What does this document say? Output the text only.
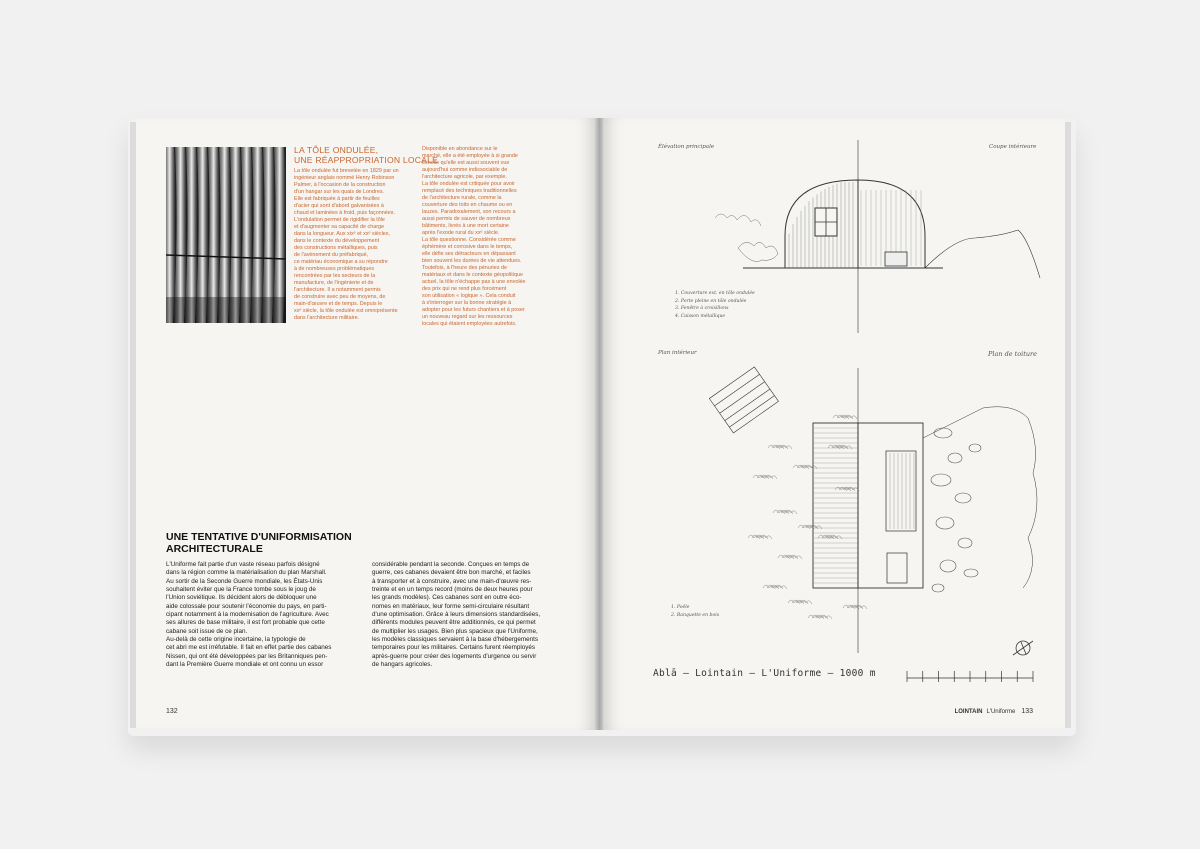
LA TÔLE ONDULÉE,
UNE RÉAPPROPRIATION LOCALE
La tôle ondulée fut brevetée en 1829 par un
ingénieur anglais nommé Henry Robinson
Palmer, à l'occasion de la construction
d'un hangar sur les quais de Londres.
Elle est fabriquée à partir de feuilles
d'acier qui sont d'abord galvanisées à
chaud et laminées à froid, puis façonnées.
L'ondulation permet de rigidifier la tôle
et d'augmenter sa capacité de charge
dans la longueur. Aux xixᵉ et xxᵉ siècles,
dans le contexte du développement
des constructions métalliques, puis
de l'avènement du préfabriqué,
ce matériau économique a su répondre
à de nombreuses problématiques
rencontrées par les secteurs de la
manufacture, de l'ingénierie et de
l'architecture. Il a notamment permis
de construire avec peu de moyens, de
main-d'œuvre et de temps. Depuis le
xxᵉ siècle, la tôle ondulée est omniprésente
dans l'architecture militaire.
Disponible en abondance sur le
marché, elle a été employée à si grande
échelle qu'elle est aussi souvent vue
aujourd'hui comme indissociable de
l'architecture agricole, par exemple.
La tôle ondulée est critiquée pour avoir
remplacé des techniques traditionnelles
de l'architecture rurale, comme la
couverture des toits en chaume ou en
lauzes. Paradoxalement, son recours a
aussi permis de sauver de nombreux
bâtiments, livrés à une mort certaine
après l'exode rural du xxᵉ siècle.
La tôle questionne. Considérée comme
éphémère et corrosive dans le temps,
elle défie ses détracteurs en dépassant
bien souvent les durées de vie attendues.
Toutefois, à l'heure des pénuries de
matériaux et dans le contexte géopolitique
actuel, la tôle n'échappe pas à une envolée
des prix qui ne rend plus forcément
son utilisation « logique ». Cela conduit
à s'interroger sur la bonne stratégie à
adopter pour les futurs chantiers et à poser
un nouveau regard sur les ressources
locales qui étaient employées autrefois.
UNE TENTATIVE D'UNIFORMISATION
ARCHITECTURALE
L'Uniforme fait partie d'un vaste réseau parfois désigné
dans la région comme la matérialisation du plan Marshall.
Au sortir de la Seconde Guerre mondiale, les États-Unis
souhaitent éviter que la France tombe sous le joug de
l'Union soviétique. Ils décident alors de débloquer une
aide colossale pour soutenir l'économie du pays, en parti-
cipant notamment à la modernisation de l'agriculture. Avec
ses allures de base militaire, il est fort probable que cette
cabane soit issue de ce plan.
Au-delà de cette origine incertaine, la typologie de
cet abri me est irréfutable. Il fait en effet partie des cabanes
Nissen, qui ont été développées par les Britanniques pen-
dant la Première Guerre mondiale et ont connu un essor
considérable pendant la seconde. Conçues en temps de
guerre, ces cabanes devaient être bon marché, et faciles
à transporter et à construire, avec une main-d'œuvre res-
treinte et en un temps record (moins de deux heures pour
les grands modèles). Ces cabanes sont en outre éco-
nomes en matériaux, leur forme semi-circulaire résultant
d'une optimisation. Grâce à leurs dimensions standardisées,
différents modules peuvent être additionnés, ce qui permet
de multiplier les usages. Bien plus spacieux que l'Uniforme,
les modèles classiques servaient à la base d'hébergements
temporaires pour les militaires. Certains furent réemployés
après-guerre pour créer des logements d'urgence ou servir
de hangars agricoles.
132
Élévation principale	Coupe intérieure
Plan intérieur	Plan de toiture
1. Couverture ext. en tôle ondulée
2. Porte pleine en tôle ondulée
3. Fenêtre à croisillons
4. Caisson métallique
1. Poêle
2. Banquette en bois
Ablā – Lointain – L'Uniforme – 1000 m
LOINTAIN L'Uniforme 133
